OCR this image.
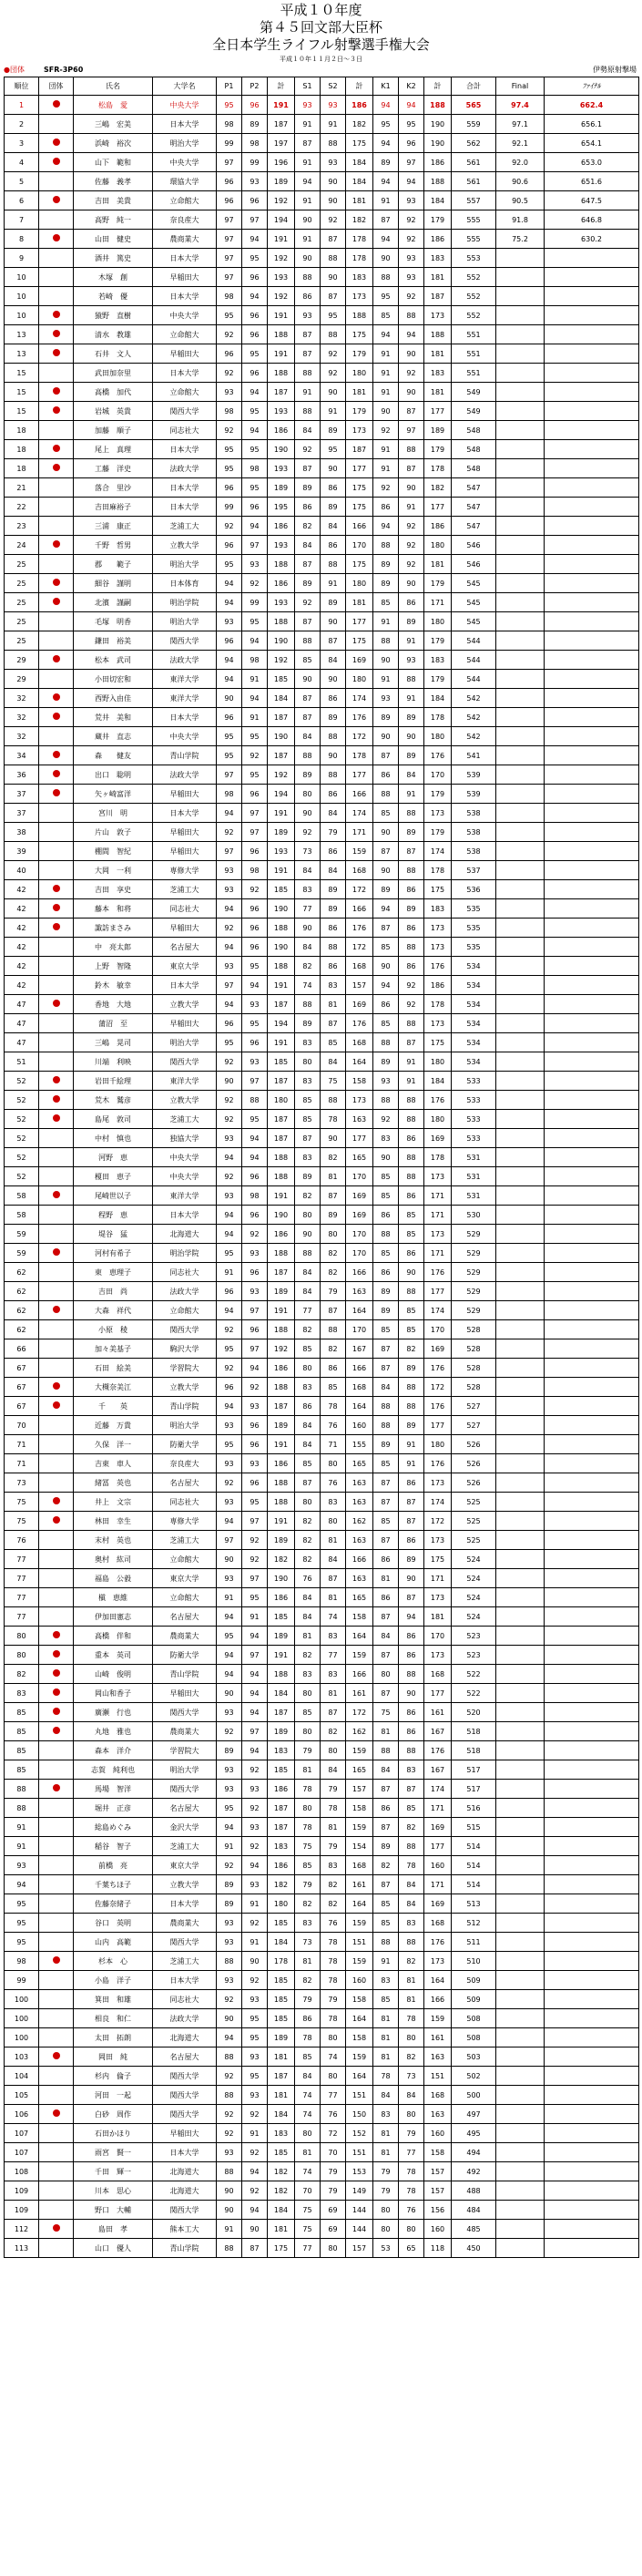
平成１０年度
第４５回文部大臣杯
全日本学生ライフル射撃選手権大会
平成１０年１１月２日～３日
●団体	SFR-3P60	伊勢原射撃場
順位	団体	氏名	大学名	P1	P2	計	S1	S2	計	K1	K2	計	合計	Final	ﾌｧｲﾅﾙ
1		松島　愛	中央大学	95	96	191	93	93	186	94	94	188	565	97.4	662.4
2		三嶋　宏美	日本大学	98	89	187	91	91	182	95	95	190	559	97.1	656.1
3		浜崎　裕次	明治大学	99	98	197	87	88	175	94	96	190	562	92.1	654.1
4		山下　範和	中央大学	97	99	196	91	93	184	89	97	186	561	92.0	653.0
5		佐藤　義孝	環協大学	96	93	189	94	90	184	94	94	188	561	90.6	651.6
6		吉田　美貴	立命館大	96	96	192	91	90	181	91	93	184	557	90.5	647.5
7		高野　純一	奈良産大	97	97	194	90	92	182	87	92	179	555	91.8	646.8
8		山田　健史	農商業大	97	94	191	91	87	178	94	92	186	555	75.2	630.2
9		酒井　篤史	日本大学	97	95	192	90	88	178	90	93	183	553		
10		木塚　創	早稲田大	97	96	193	88	90	183	88	93	181	552		
10		若崎　優	日本大学	98	94	192	86	87	173	95	92	187	552		
10		猿野　直樹	中央大学	95	96	191	93	95	188	85	88	173	552		
13		清水　教雄	立命館大	92	96	188	87	88	175	94	94	188	551		
13		石井　文人	早稲田大	96	95	191	87	92	179	91	90	181	551		
15		武田加奈里	日本大学	92	96	188	88	92	180	91	92	183	551		
15		高橋　加代	立命館大	93	94	187	91	90	181	91	90	181	549		
15		岩城　英貴	関西大学	98	95	193	88	91	179	90	87	177	549		
18		加藤　順子	同志社大	92	94	186	84	89	173	92	97	189	548		
18		尾上　真理	日本大学	95	95	190	92	95	187	91	88	179	548		
18		工藤　洋史	法政大学	95	98	193	87	90	177	91	87	178	548		
21		落合　里沙	日本大学	96	95	189	89	86	175	92	90	182	547		
22		吉田麻裕子	日本大学	99	96	195	86	89	175	86	91	177	547		
23		三浦　康正	芝浦工大	92	94	186	82	84	166	94	92	186	547		
24		千野　哲男	立教大学	96	97	193	84	86	170	88	92	180	546		
25		郡　　範子	明治大学	95	93	188	87	88	175	89	92	181	546		
25		細谷　謹明	日本体育	94	92	186	89	91	180	89	90	179	545		
25		北濱　謹嗣	明治学院	94	99	193	92	89	181	85	86	171	545		
25		毛塚　明香	明治大学	93	95	188	87	90	177	91	89	180	545		
25		鎌田　裕美	関西大学	96	94	190	88	87	175	88	91	179	544		
29		松本　武司	法政大学	94	98	192	85	84	169	90	93	183	544		
29		小田切宏和	東洋大学	94	91	185	90	90	180	91	88	179	544		
32		西野入由佳	東洋大学	90	94	184	87	86	174	93	91	184	542		
32		荒井　美和	日本大学	96	91	187	87	89	176	89	89	178	542		
32		蔵井　直志	中央大学	95	95	190	84	88	172	90	90	180	542		
34		森　　健友	青山学院	95	92	187	88	90	178	87	89	176	541		
36		出口　聡明	法政大学	97	95	192	89	88	177	86	84	170	539		
37		矢ヶ崎富洋	早稲田大	98	96	194	80	86	166	88	91	179	539		
37		宮川　明	日本大学	94	97	191	90	84	174	85	88	173	538		
38		片山　敦子	早稲田大	92	97	189	92	79	171	90	89	179	538		
39		棚間　智紀	早稲田大	97	96	193	73	86	159	87	87	174	538		
40		大岡　一利	専修大学	93	98	191	84	84	168	90	88	178	537		
42		吉田　享史	芝浦工大	93	92	185	83	89	172	89	86	175	536		
42		藤本　和将	同志社大	94	96	190	77	89	166	94	89	183	535		
42		諏訪まさみ	早稲田大	92	96	188	90	86	176	87	86	173	535		
42		中　亮太郎	名古屋大	94	96	190	84	88	172	85	88	173	535		
42		上野　智隆	東京大学	93	95	188	82	86	168	90	86	176	534		
42		鈴木　敏幸	日本大学	97	94	191	74	83	157	94	92	186	534		
47		香地　大地	立教大学	94	93	187	88	81	169	86	92	178	534		
47		蒲沼　至	早稲田大	96	95	194	89	87	176	85	88	173	534		
47		三嶋　晃司	明治大学	95	96	191	83	85	168	88	87	175	534		
51		川端　利映	関西大学	92	93	185	80	84	164	89	91	180	534		
52		岩田千絵理	東洋大学	90	97	187	83	75	158	93	91	184	533		
52		荒木　鷲彦	立教大学	92	88	180	85	88	173	88	88	176	533		
52		島尾　敦司	芝浦工大	92	95	187	85	78	163	92	88	180	533		
52		中村　慎也	独協大学	93	94	187	87	90	177	83	86	169	533		
52		河野　恵	中央大学	94	94	188	83	82	165	90	88	178	531		
52		榎田　恵子	中央大学	92	96	188	89	81	170	85	88	173	531		
58		尾崎世以子	東洋大学	93	98	191	82	87	169	85	86	171	531		
58		程野　恵	日本大学	94	96	190	80	89	169	86	85	171	530		
59		堤谷　猛	北海道大	94	92	186	90	80	170	88	85	173	529		
59		河村有希子	明治学院	95	93	188	88	82	170	85	86	171	529		
62		東　恵理子	同志社大	91	96	187	84	82	166	86	90	176	529		
62		吉田　尚	法政大学	96	93	189	84	79	163	89	88	177	529		
62		大森　祥代	立命館大	94	97	191	77	87	164	89	85	174	529		
62		小原　稜	関西大学	92	96	188	82	88	170	85	85	170	528		
66		加々美基子	駒沢大学	95	97	192	85	82	167	87	82	169	528		
67		石田　絵美	学習院大	92	94	186	80	86	166	87	89	176	528		
67		大槻奈美江	立教大学	96	92	188	83	85	168	84	88	172	528		
67		千　　英	青山学院	94	93	187	86	78	164	88	88	176	527		
70		近藤　万貴	明治大学	93	96	189	84	76	160	88	89	177	527		
71		久保　洋一	防衛大学	95	96	191	84	71	155	89	91	180	526		
71		吉東　車人	奈良産大	93	93	186	85	80	165	85	91	176	526		
73		緒冨　英也	名古屋大	92	96	188	87	76	163	87	86	173	526		
75		井上　文宗	同志社大	93	95	188	80	83	163	87	87	174	525		
75		林田　幸生	専修大学	94	97	191	82	80	162	85	87	172	525		
76		末村　英也	芝浦工大	97	92	189	82	81	163	87	86	173	525		
77		奥村　紘司	立命館大	90	92	182	82	84	166	86	89	175	524		
77		福島　公毅	東京大学	93	97	190	76	87	163	81	90	171	524		
77		槇　恵維	立命館大	91	95	186	84	81	165	86	87	173	524		
77		伊加田憲志	名古屋大	94	91	185	84	74	158	87	94	181	524		
80		高橋　伴和	農商業大	95	94	189	81	83	164	84	86	170	523		
80		重本　英司	防衛大学	94	97	191	82	77	159	87	86	173	523		
82		山崎　俊明	青山学院	94	94	188	83	83	166	80	88	168	522		
83		岡山和香子	早稲田大	90	94	184	80	81	161	87	90	177	522		
85		廣瀬　行也	関西大学	93	94	187	85	87	172	75	86	161	520		
85		丸地　雅也	農商業大	92	97	189	80	82	162	81	86	167	518		
85		森本　洋介	学習院大	89	94	183	79	80	159	88	88	176	518		
85		志賀　純利也	明治大学	93	92	185	81	84	165	84	83	167	517		
88		馬場　智洋	関西大学	93	93	186	78	79	157	87	87	174	517		
88		堀井　正彦	名古屋大	95	92	187	80	78	158	86	85	171	516		
91		総島めぐみ	金沢大学	94	93	187	78	81	159	87	82	169	515		
91		稲谷　智子	芝浦工大	91	92	183	75	79	154	89	88	177	514		
93		前橋　亮	東京大学	92	94	186	85	83	168	82	78	160	514		
94		千葉ちほ子	立教大学	89	93	182	79	82	161	87	84	171	514		
95		佐藤奈緒子	日本大学	89	91	180	82	82	164	85	84	169	513		
95		谷口　英明	農商業大	93	92	185	83	76	159	85	83	168	512		
95		山内　高範	関西大学	93	91	184	73	78	151	88	88	176	511		
98		杉本　心	芝浦工大	88	90	178	81	78	159	91	82	173	510		
99		小島　洋子	日本大学	93	92	185	82	78	160	83	81	164	509		
100		箕田　和雄	同志社大	92	93	185	79	79	158	85	81	166	509		
100		相良　和仁	法政大学	90	95	185	86	78	164	81	78	159	508		
100		太田　拓朗	北海道大	94	95	189	78	80	158	81	80	161	508		
103		岡田　純	名古屋大	88	93	181	85	74	159	81	82	163	503		
104		杉内　倫子	関西大学	92	95	187	84	80	164	78	73	151	502		
105		河田　一起	関西大学	88	93	181	74	77	151	84	84	168	500		
106		白砂　周作	関西大学	92	92	184	74	76	150	83	80	163	497		
107		石田かほり	早稲田大	92	91	183	80	72	152	81	79	160	495		
107		雨宮　賢一	日本大学	93	92	185	81	70	151	81	77	158	494		
108		千田　輝一	北海道大	88	94	182	74	79	153	79	78	157	492		
109		川本　思心	北海道大	90	92	182	70	79	149	79	78	157	488		
109		野口　大輔	関西大学	90	94	184	75	69	144	80	76	156	484		
112		島田　孝	熊本工大	91	90	181	75	69	144	80	80	160	485		
113		山口　優人	青山学院	88	87	175	77	80	157	53	65	118	450		
